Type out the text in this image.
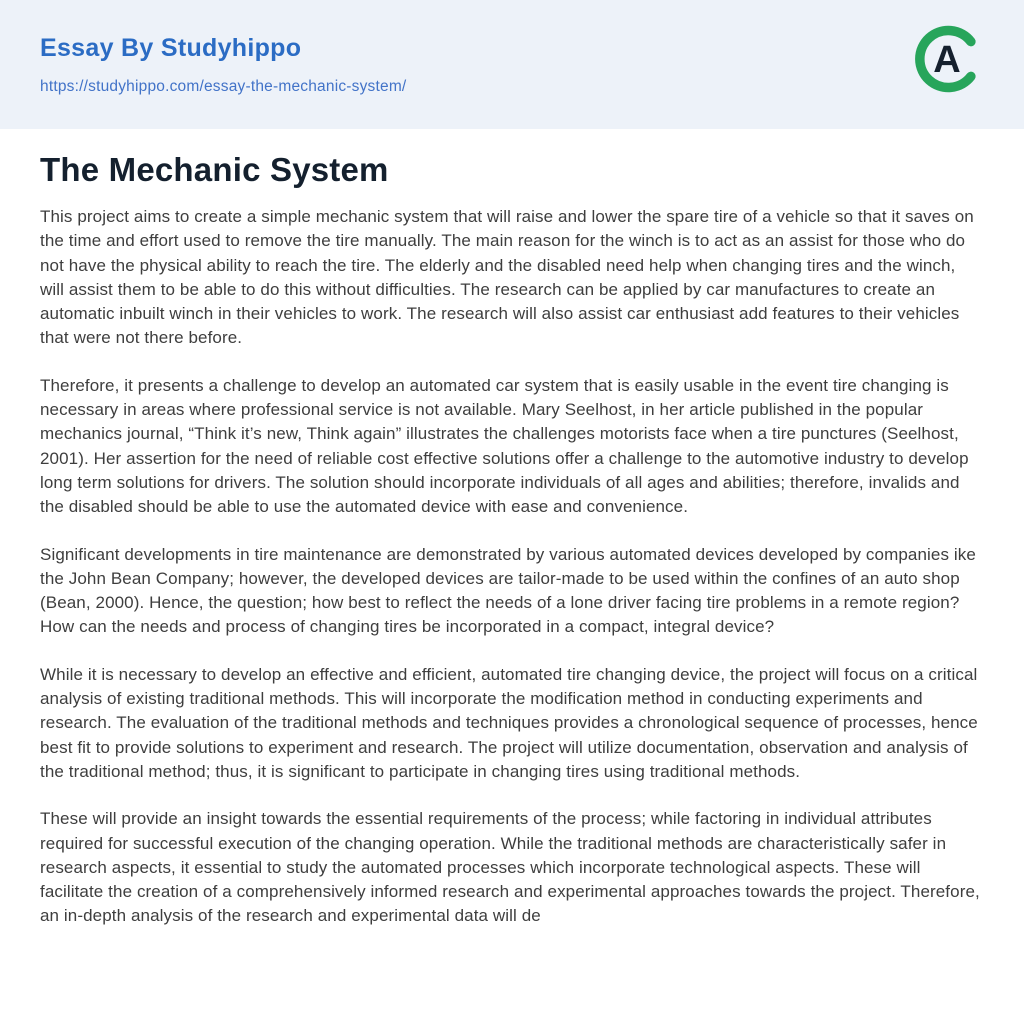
Essay By Studyhippo
https://studyhippo.com/essay-the-mechanic-system/
A
The Mechanic System

This project aims to create a simple mechanic system that will raise and lower the spare tire of a vehicle so that it saves on the time and effort used to remove the tire manually. The main reason for the winch is to act as an assist for those who do not have the physical ability to reach the tire. The elderly and the disabled need help when changing tires and the winch, will assist them to be able to do this without difficulties. The research can be applied by car manufactures to create an automatic inbuilt winch in their vehicles to work. The research will also assist car enthusiast add features to their vehicles that were not there before.

Therefore, it presents a challenge to develop an automated car system that is easily usable in the event tire changing is necessary in areas where professional service is not available. Mary Seelhost, in her article published in the popular mechanics journal, “Think it’s new, Think again” illustrates the challenges motorists face when a tire punctures (Seelhost, 2001). Her assertion for the need of reliable cost effective solutions offer a challenge to the automotive industry to develop long term solutions for drivers. The solution should incorporate individuals of all ages and abilities; therefore, invalids and the disabled should be able to use the automated device with ease and convenience.

Significant developments in tire maintenance are demonstrated by various automated devices developed by companies ike the John Bean Company; however, the developed devices are tailor-made to be used within the confines of an auto shop (Bean, 2000). Hence, the question; how best to reflect the needs of a lone driver facing tire problems in a remote region? How can the needs and process of changing tires be incorporated in a compact, integral device?

While it is necessary to develop an effective and efficient, automated tire changing device, the project will focus on a critical analysis of existing traditional methods. This will incorporate the modification method in conducting experiments and research. The evaluation of the traditional methods and techniques provides a chronological sequence of processes, hence best fit to provide solutions to experiment and research. The project will utilize documentation, observation and analysis of the traditional method; thus, it is significant to participate in changing tires using traditional methods.

These will provide an insight towards the essential requirements of the process; while factoring in individual attributes required for successful execution of the changing operation. While the traditional methods are characteristically safer in research aspects, it essential to study the automated processes which incorporate technological aspects. These will facilitate the creation of a comprehensively informed research and experimental approaches towards the project. Therefore, an in-depth analysis of the research and experimental data will de
